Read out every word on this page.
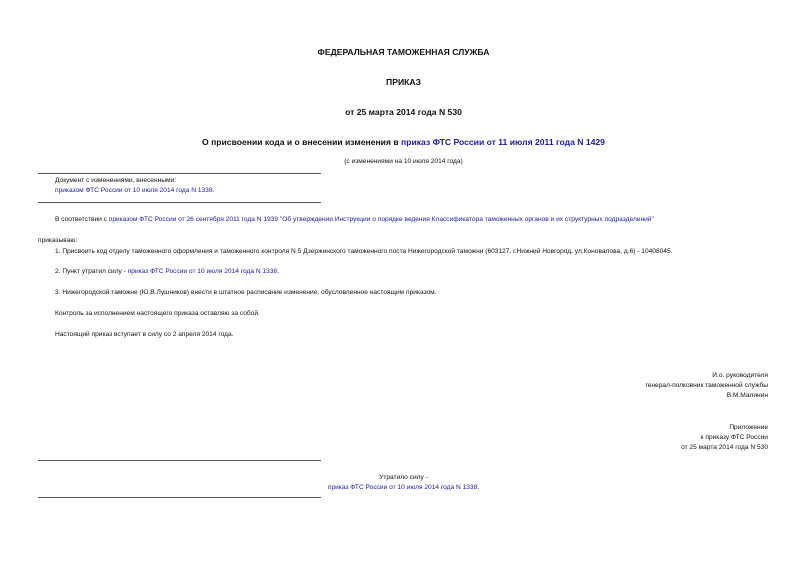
ФЕДЕРАЛЬНАЯ ТАМОЖЕННАЯ СЛУЖБА
ПРИКАЗ
от 25 марта 2014 года N 530
О присвоении кода и о внесении изменения в приказ ФТС России от 11 июля 2011 года N 1429
(с изменениями на 10 июля 2014 года)
Документ с изменениями, внесенными:
приказом ФТС России от 10 июля 2014 года N 1338.
В соответствии с приказом ФТС России от 26 сентября 2011 года N 1939 "Об утверждении Инструкции о порядке ведения Классификатора таможенных органов и их структурных подразделений"
приказываю:
1. Присвоить код отделу таможенного оформления и таможенного контроля N 5 Дзержинского таможенного поста Нижегородской таможни (603127, г.Нижний Новгород, ул.Коновалова, д.6) - 10408045.
2. Пункт утратил силу - приказ ФТС России от 10 июля 2014 года N 1338.
3. Нижегородской таможне (Ю.В.Лушников) внести в штатное расписание изменение, обусловленное настоящим приказом.
Контроль за исполнением настоящего приказа оставляю за собой.
Настоящий приказ вступает в силу со 2 апреля 2014 года.
И.о. руководителя
генерал-полковник таможенной службы
В.М.Малинин
Приложение
к приказу ФТС России
от 25 марта 2014 года N 530
Утратило силу -
приказ ФТС России от 10 июля 2014 года N 1338.
